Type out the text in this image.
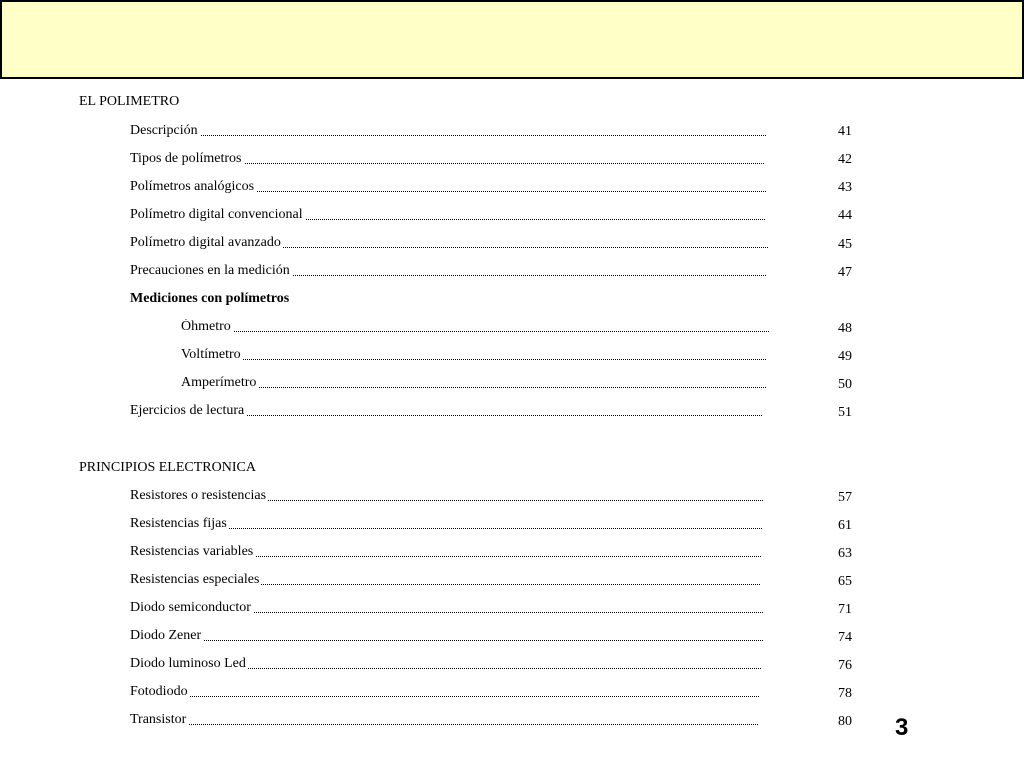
EL POLIMETRO
Descripción	41
Tipos de polímetros	42
Polímetros analógicos	43
Polímetro digital convencional	44
Polímetro digital avanzado	45
Precauciones en la medición	47
Mediciones con polímetros
Óhmetro	48
Voltímetro	49
Amperímetro	50
Ejercicios de lectura	51
PRINCIPIOS ELECTRONICA
Resistores o resistencias	57
Resistencias fijas	61
Resistencias variables	63
Resistencias especiales	65
Diodo semiconductor	71
Diodo Zener	74
Diodo luminoso Led	76
Fotodiodo	78
Transistor	80 3
